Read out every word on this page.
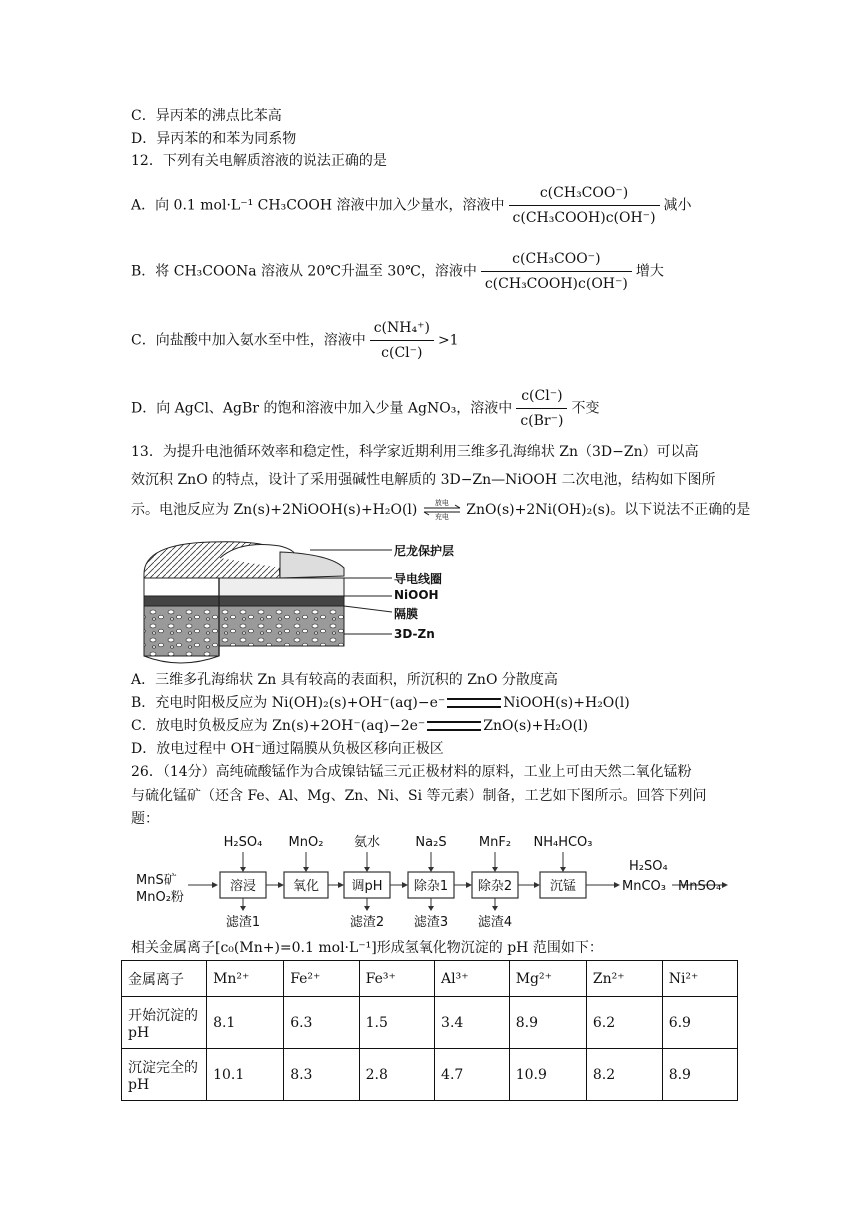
C．异丙苯的沸点比苯高
D．异丙苯的和苯为同系物
12．下列有关电解质溶液的说法正确的是
A．向 0.1 mol·L⁻¹ CH₃COOH 溶液中加入少量水，溶液中 $\frac{\text{c(CH₃COO⁻)}}{\text{c(CH₃COOH)c(OH⁻)}}$ 减小
B．将 CH₃COONa 溶液从 20℃升温至 30℃，溶液中 $\frac{\text{c(CH₃COO⁻)}}{\text{c(CH₃COOH)c(OH⁻)}}$ 增大
C．向盐酸中加入氨水至中性，溶液中 $\frac{\text{c(NH₄⁺)}}{c(Cl^-)} >1$
D．向 AgCl、AgBr 的饱和溶液中加入少量 AgNO₃，溶液中 $\frac{c(Cl^-)}{c(Br^-)}$ 不变
13．为提升电池循环效率和稳定性，科学家近期利用三维多孔海绵状 Zn（3D−Zn）可以高
效沉积 ZnO 的特点，设计了采用强碱性电解质的 3D−Zn—NiOOH 二次电池，结构如下图所
示。电池反应为 Zn(s)+2NiOOH(s)+H₂O(l)	放电
充电	ZnO(s)+2Ni(OH)₂(s)。以下说法不正确的是
尼龙保护层
导电线圈
NiOOH
隔膜
3D-Zn
A．三维多孔海绵状 Zn 具有较高的表面积，所沉积的 ZnO 分散度高
B．充电时阳极反应为 Ni(OH)₂(s)+OH⁻(aq)−e⁻	NiOOH(s)+H₂O(l)
C．放电时负极反应为 Zn(s)+2OH⁻(aq)−2e⁻	ZnO(s)+H₂O(l)
D．放电过程中 OH⁻通过隔膜从负极区移向正极区
26．（14分）高纯硫酸锰作为合成镍钴锰三元正极材料的原料，工业上可由天然二氧化锰粉
与硫化锰矿（还含 Fe、Al、Mg、Zn、Ni、Si 等元素）制备，工艺如下图所示。回答下列问
题：
MnS矿
MnO₂粉
溶浸
H₂SO₄
滤渣1
氧化
MnO₂
调pH
氨水
滤渣2
除杂1
Na₂S
滤渣3
除杂2
MnF₂
滤渣4
沉锰
NH₄HCO₃
MnCO₃
H₂SO₄
MnSO₄
相关金属离子[c₀(Mn+)=0.1 mol·L⁻¹]形成氢氧化物沉淀的 pH 范围如下：
金属离子	Mn²⁺	Fe²⁺	Fe³⁺	Al³⁺	Mg²⁺	Zn²⁺	Ni²⁺
开始沉淀的pH	8.1	6.3	1.5	3.4	8.9	6.2	6.9
沉淀完全的pH	10.1	8.3	2.8	4.7	10.9	8.2	8.9
